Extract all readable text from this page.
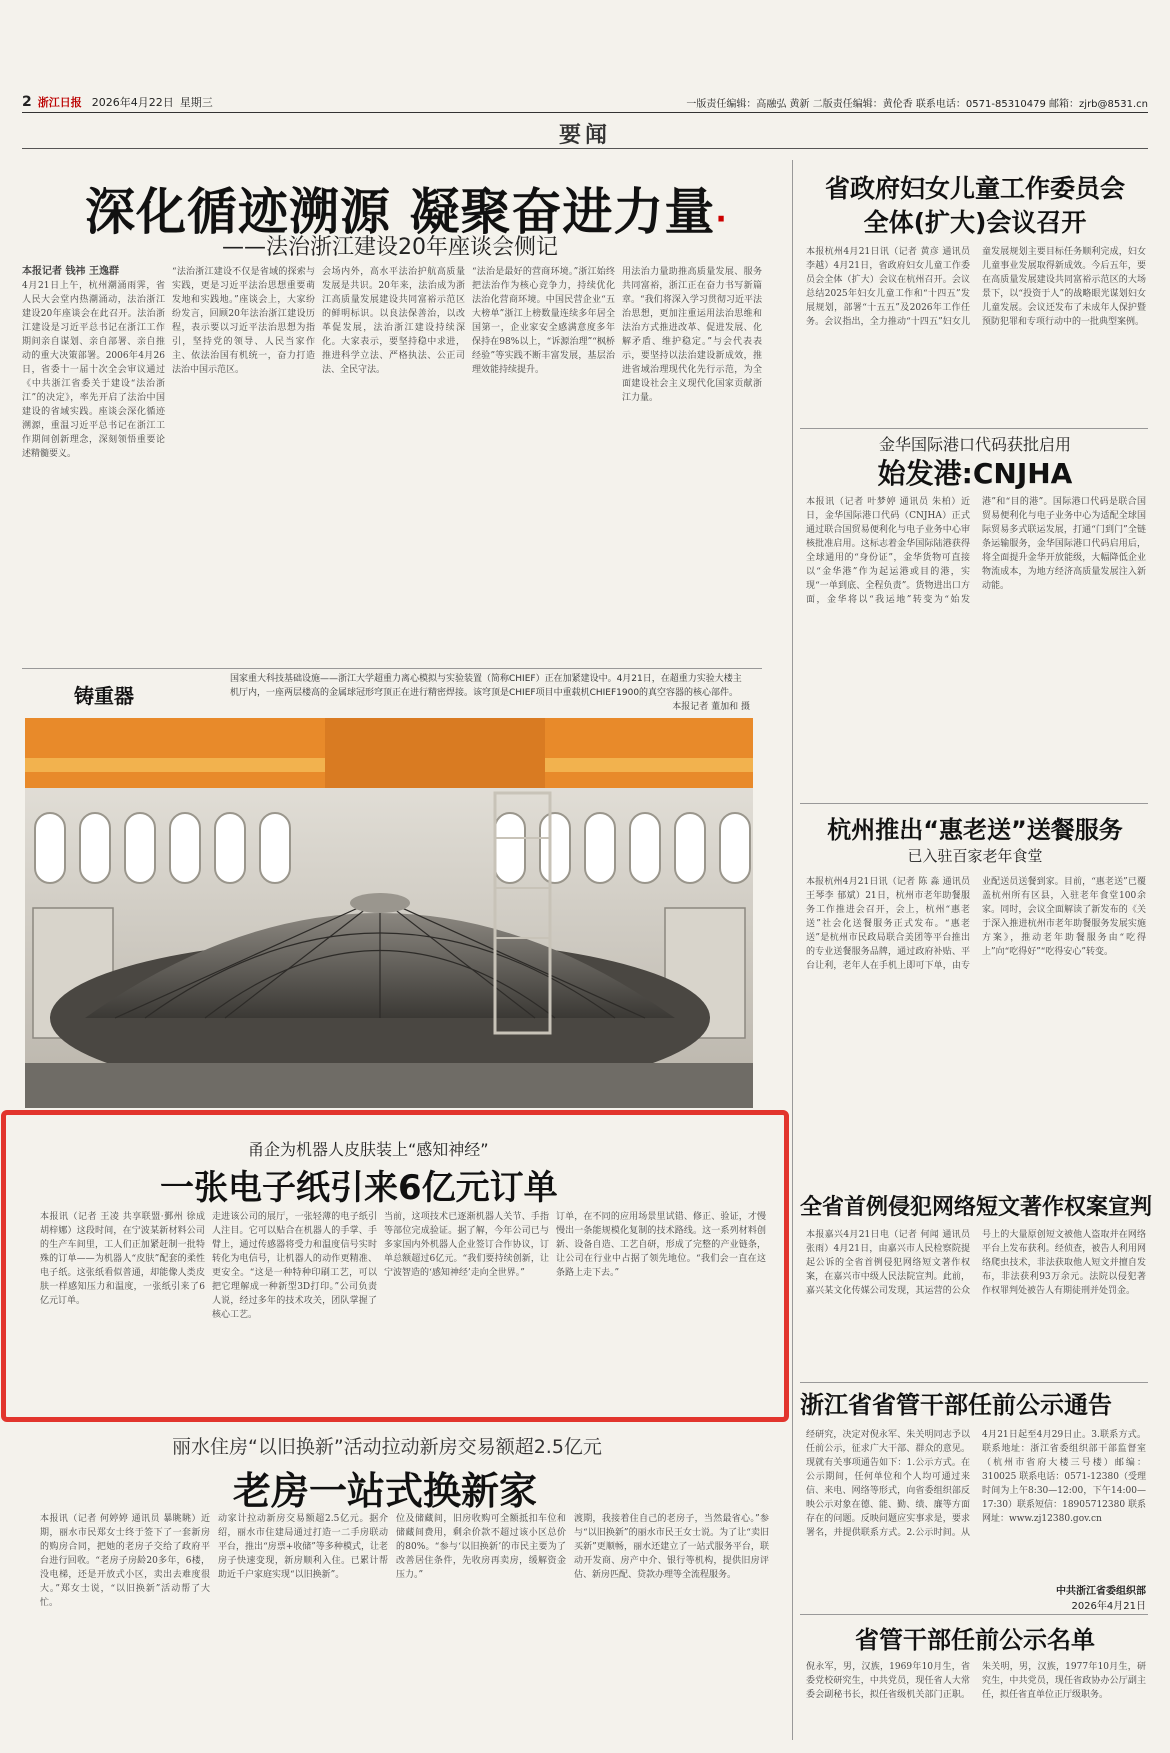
2 浙江日报 2026年4月22日 星期三	一版责任编辑：高融弘 黄新 二版责任编辑：黄伦香 联系电话：0571-85310479 邮箱：zjrb@8531.cn
要闻
深化循迹溯源 凝聚奋进力量·
——法治浙江建设20年座谈会侧记
本报记者 钱祎 王逸群
4月21日上午，杭州潮涌雨霁，省人民大会堂内热潮涌动，法治浙江建设20年座谈会在此召开。法治浙江建设是习近平总书记在浙江工作期间亲自谋划、亲自部署、亲自推动的重大决策部署。2006年4月26日，省委十一届十次全会审议通过《中共浙江省委关于建设“法治浙江”的决定》，率先开启了法治中国建设的省域实践。座谈会深化循迹溯源，重温习近平总书记在浙江工作期间创新理念，深刻领悟重要论述精髓要义。
“法治浙江建设不仅是省域的探索与实践，更是习近平法治思想重要萌发地和实践地。”座谈会上，大家纷纷发言，回顾20年法治浙江建设历程，表示要以习近平法治思想为指引，坚持党的领导、人民当家作主、依法治国有机统一，奋力打造法治中国示范区。
会场内外，高水平法治护航高质量发展是共识。20年来，法治成为浙江高质量发展建设共同富裕示范区的鲜明标识。以良法保善治，以改革促发展，法治浙江建设持续深化。大家表示，要坚持稳中求进，推进科学立法、严格执法、公正司法、全民守法。
“法治是最好的营商环境。”浙江始终把法治作为核心竞争力，持续优化法治化营商环境。中国民营企业“五大榜单”浙江上榜数量连续多年居全国第一，企业家安全感满意度多年保持在98%以上，“诉源治理”“枫桥经验”等实践不断丰富发展，基层治理效能持续提升。
用法治力量助推高质量发展、服务共同富裕，浙江正在奋力书写新篇章。“我们将深入学习贯彻习近平法治思想，更加注重运用法治思维和法治方式推进改革、促进发展、化解矛盾、维护稳定。”与会代表表示，要坚持以法治建设新成效，推进省域治理现代化先行示范，为全面建设社会主义现代化国家贡献浙江力量。
省政府妇女儿童工作委员会
全体(扩大)会议召开
本报杭州4月21日讯（记者 黄彦 通讯员 李越）4月21日，省政府妇女儿童工作委员会全体（扩大）会议在杭州召开。会议总结2025年妇女儿童工作和“十四五”发展规划，部署“十五五”及2026年工作任务。会议指出，全力推动“十四五”妇女儿童发展规划主要目标任务顺利完成，妇女儿童事业发展取得新成效。今后五年，要在高质量发展建设共同富裕示范区的大场景下，以“投资于人”的战略眼光谋划妇女儿童发展。会议还发布了未成年人保护暨预防犯罪和专项行动中的一批典型案例。
金华国际港口代码获批启用
始发港:CNJHA
本报讯（记者 叶梦婷 通讯员 朱柏）近日，金华国际港口代码（CNJHA）正式通过联合国贸易便利化与电子业务中心审核批准启用。这标志着金华国际陆港获得全球通用的“身份证”，金华货物可直接以“金华港”作为起运港或目的港，实现“一单到底、全程负责”。货物进出口方面，金华将以“我运地”转变为“始发港”和“目的港”。国际港口代码是联合国贸易便利化与电子业务中心为适配全球国际贸易多式联运发展，打通“门到门”全链条运输服务，金华国际港口代码启用后，将全面提升金华开放能级，大幅降低企业物流成本，为地方经济高质量发展注入新动能。
杭州推出“惠老送”送餐服务
已入驻百家老年食堂
本报杭州4月21日讯（记者 陈 淼 通讯员 王琴李 郁斌）21日，杭州市老年助餐服务工作推进会召开，会上，杭州“惠老送”社会化送餐服务正式发布。“惠老送”是杭州市民政局联合美团等平台推出的专业送餐服务品牌，通过政府补贴、平台让利，老年人在手机上即可下单，由专业配送员送餐到家。目前，“惠老送”已覆盖杭州所有区县，入驻老年食堂100余家。同时，会议全面解读了新发布的《关于深入推进杭州市老年助餐服务发展实施方案》，推动老年助餐服务由“吃得上”向“吃得好”“吃得安心”转变。
铸重器
国家重大科技基础设施——浙江大学超重力离心模拟与实验装置（简称CHIEF）正在加紧建设中。4月21日，在超重力实验大楼主机厅内，一座两层楼高的金属球冠形穹顶正在进行精密焊接。该穹顶是CHIEF项目中重载机CHIEF1900的真空容器的核心部件。
本报记者 董加和 摄
甬企为机器人皮肤装上“感知神经”
一张电子纸引来6亿元订单
本报讯（记者 王凌 共享联盟·鄞州 徐成 胡梓娜）这段时间，在宁波某新材料公司的生产车间里，工人们正加紧赶制一批特殊的订单——为机器人“皮肤”配套的柔性电子纸。这张纸看似普通，却能像人类皮肤一样感知压力和温度，一张纸引来了6亿元订单。
走进该公司的展厅，一张轻薄的电子纸引人注目。它可以贴合在机器人的手掌、手臂上，通过传感器将受力和温度信号实时转化为电信号，让机器人的动作更精准、更安全。“这是一种特种印刷工艺，可以把它理解成一种新型3D打印。”公司负责人说，经过多年的技术攻关，团队掌握了核心工艺。
当前，这项技术已逐渐机器人关节、手指等部位完成验证。据了解，今年公司已与多家国内外机器人企业签订合作协议，订单总额超过6亿元。“我们要持续创新，让宁波智造的‘感知神经’走向全世界。”
订单，在不同的应用场景里试错、修正、验证，才慢慢出一条能规模化复制的技术路线。这一系列材料创新、设备自造、工艺自研，形成了完整的产业链条，让公司在行业中占据了领先地位。“我们会一直在这条路上走下去。”
全省首例侵犯网络短文著作权案宣判
本报嘉兴4月21日电（记者 何闻 通讯员 张雨）4月21日，由嘉兴市人民检察院提起公诉的全省首例侵犯网络短文著作权案，在嘉兴市中级人民法院宣判。此前，嘉兴某文化传媒公司发现，其运营的公众号上的大量原创短文被他人盗取并在网络平台上发布获利。经侦查，被告人利用网络爬虫技术，非法获取他人短文并擅自发布，非法获利93万余元。法院以侵犯著作权罪判处被告人有期徒刑并处罚金。
浙江省省管干部任前公示通告
经研究，决定对倪永军、朱关明同志予以任前公示，征求广大干部、群众的意见。现就有关事项通告如下：1.公示方式。在公示期间，任何单位和个人均可通过来信、来电、网络等形式，向省委组织部反映公示对象在德、能、勤、绩、廉等方面存在的问题。反映问题应实事求是，要求署名，并提供联系方式。2.公示时间。从4月21日起至4月29日止。3.联系方式。联系地址：浙江省委组织部干部监督室（杭州市省府大楼三号楼）邮编：310025 联系电话：0571-12380（受理时间为上午8:30—12:00，下午14:00—17:30）联系短信：18905712380 联系网址：www.zj12380.gov.cn
中共浙江省委组织部
2026年4月21日
省管干部任前公示名单
倪永军，男，汉族，1969年10月生，省委党校研究生，中共党员，现任省人大常委会副秘书长，拟任省级机关部门正职。朱关明，男，汉族，1977年10月生，研究生，中共党员，现任省政协办公厅副主任，拟任省直单位正厅级职务。
丽水住房“以旧换新”活动拉动新房交易额超2.5亿元
老房一站式换新家
本报讯（记者 何婷婷 通讯员 暴眺眺）近期，丽水市民郑女士终于签下了一套新房的购房合同，把她的老房子交给了政府平台进行回收。“老房子房龄20多年，6楼，没电梯，还是开放式小区，卖出去难度很大。”郑女士说，“以旧换新”活动帮了大忙。
动家计拉动新房交易额超2.5亿元。据介绍，丽水市住建局通过打造一二手房联动平台，推出“房票+收储”等多种模式，让老房子快速变现，新房顺利入住。已累计帮助近千户家庭实现“以旧换新”。
位及储藏间，旧房收购可全额抵扣车位和储藏间费用，剩余价款不超过该小区总价的80%。“参与‘以旧换新’的市民主要为了改善居住条件，先收房再卖房，缓解资金压力。”
渡期，我接着住自己的老房子，当然最省心。”参与“以旧换新”的丽水市民王女士说。为了让“卖旧买新”更顺畅，丽水还建立了一站式服务平台，联动开发商、房产中介、银行等机构，提供旧房评估、新房匹配、贷款办理等全流程服务。
